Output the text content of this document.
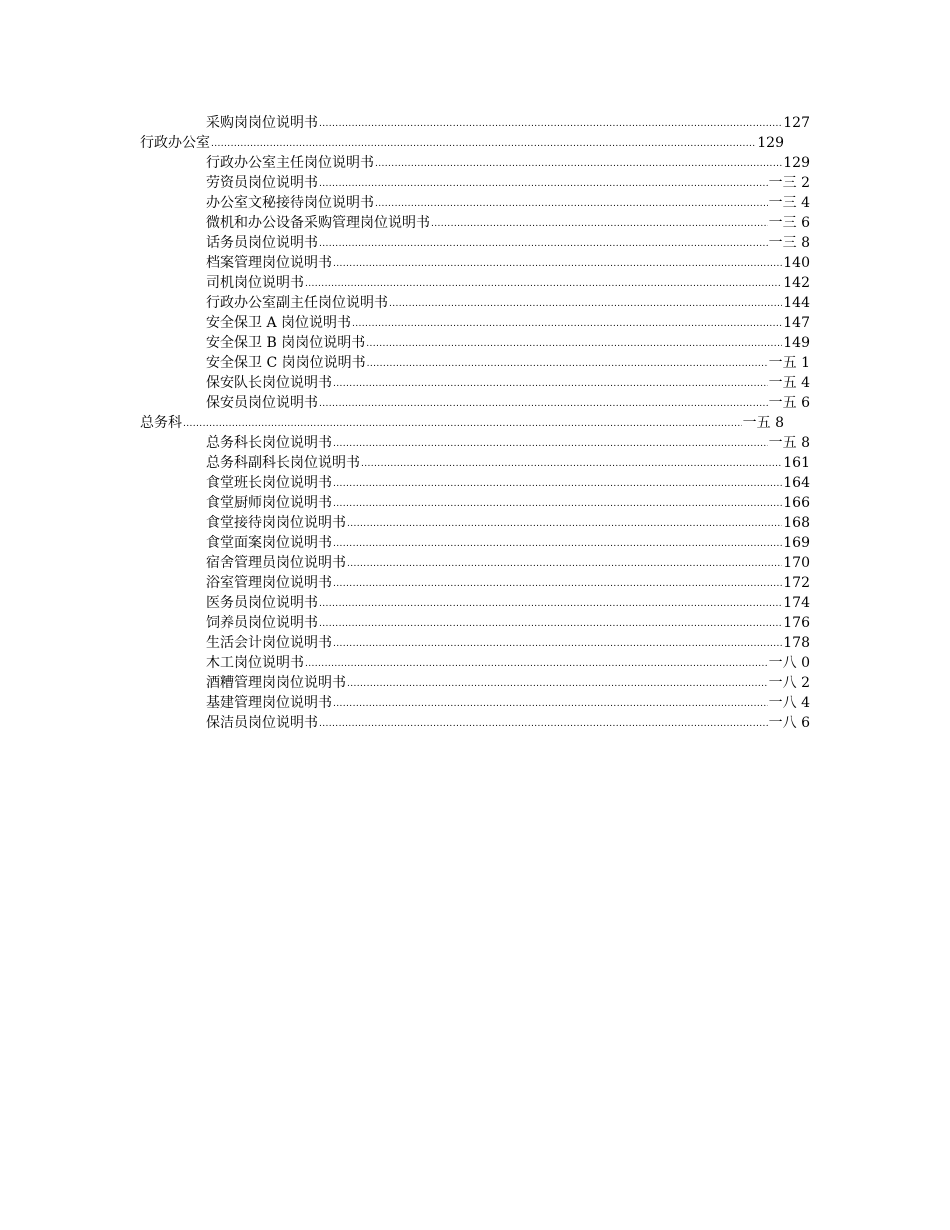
采购岗岗位说明书 .....	127
行政办公室 .....	129
行政办公室主任岗位说明书 .....	129
劳资员岗位说明书 .....	一三 2
办公室文秘接待岗位说明书 .....	一三 4
微机和办公设备采购管理岗位说明书 .....	一三 6
话务员岗位说明书 .....	一三 8
档案管理岗位说明书 .....	140
司机岗位说明书 .....	142
行政办公室副主任岗位说明书 .....	144
安全保卫 A 岗位说明书 .....	147
安全保卫 B 岗岗位说明书 .....	149
安全保卫 C 岗岗位说明书 .....	一五 1
保安队长岗位说明书 .....	一五 4
保安员岗位说明书 .....	一五 6
总务科 .....	一五 8
总务科长岗位说明书 .....	一五 8
总务科副科长岗位说明书 .....	161
食堂班长岗位说明书 .....	164
食堂厨师岗位说明书 .....	166
食堂接待岗岗位说明书 .....	168
食堂面案岗位说明书 .....	169
宿舍管理员岗位说明书 .....	170
浴室管理岗位说明书 .....	172
医务员岗位说明书 .....	174
饲养员岗位说明书 .....	176
生活会计岗位说明书 .....	178
木工岗位说明书 .....	一八 0
酒糟管理岗岗位说明书 .....	一八 2
基建管理岗位说明书 .....	一八 4
保洁员岗位说明书 .....	一八 6
